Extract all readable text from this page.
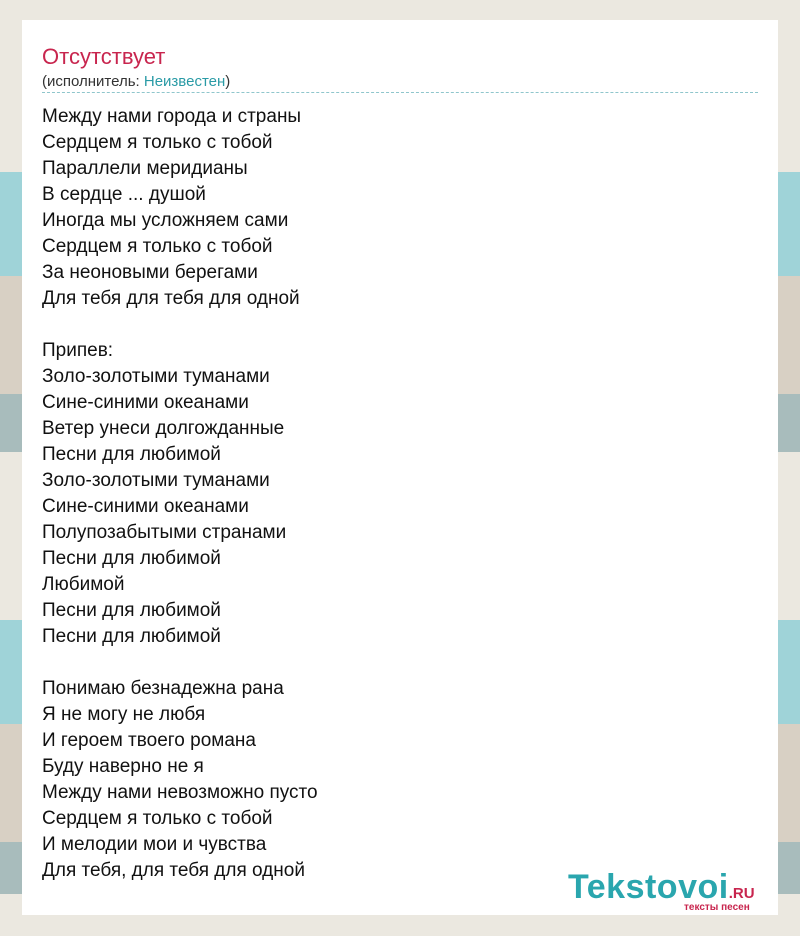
Отсутствует
(исполнитель: Неизвестен)
Между нами города и страны
Сердцем я только с тобой
Параллели меридианы
В сердце ... душой
Иногда мы усложняем сами
Сердцем я только с тобой
За неоновыми берегами
Для тебя для тебя для одной

Припев:
Золо-золотыми туманами
Сине-синими океанами
Ветер унеси долгожданные
Песни для любимой
Золо-золотыми туманами
Сине-синими океанами
Полупозабытыми странами
Песни для любимой
Любимой
Песни для любимой
Песни для любимой

Понимаю безнадежна рана
Я не могу не любя
И героем твоего романа
Буду наверно не я
Между нами невозможно пусто
Сердцем я только с тобой
И мелодии мои и чувства
Для тебя, для тебя для одной	Tekstovoi.RU
тексты песен
